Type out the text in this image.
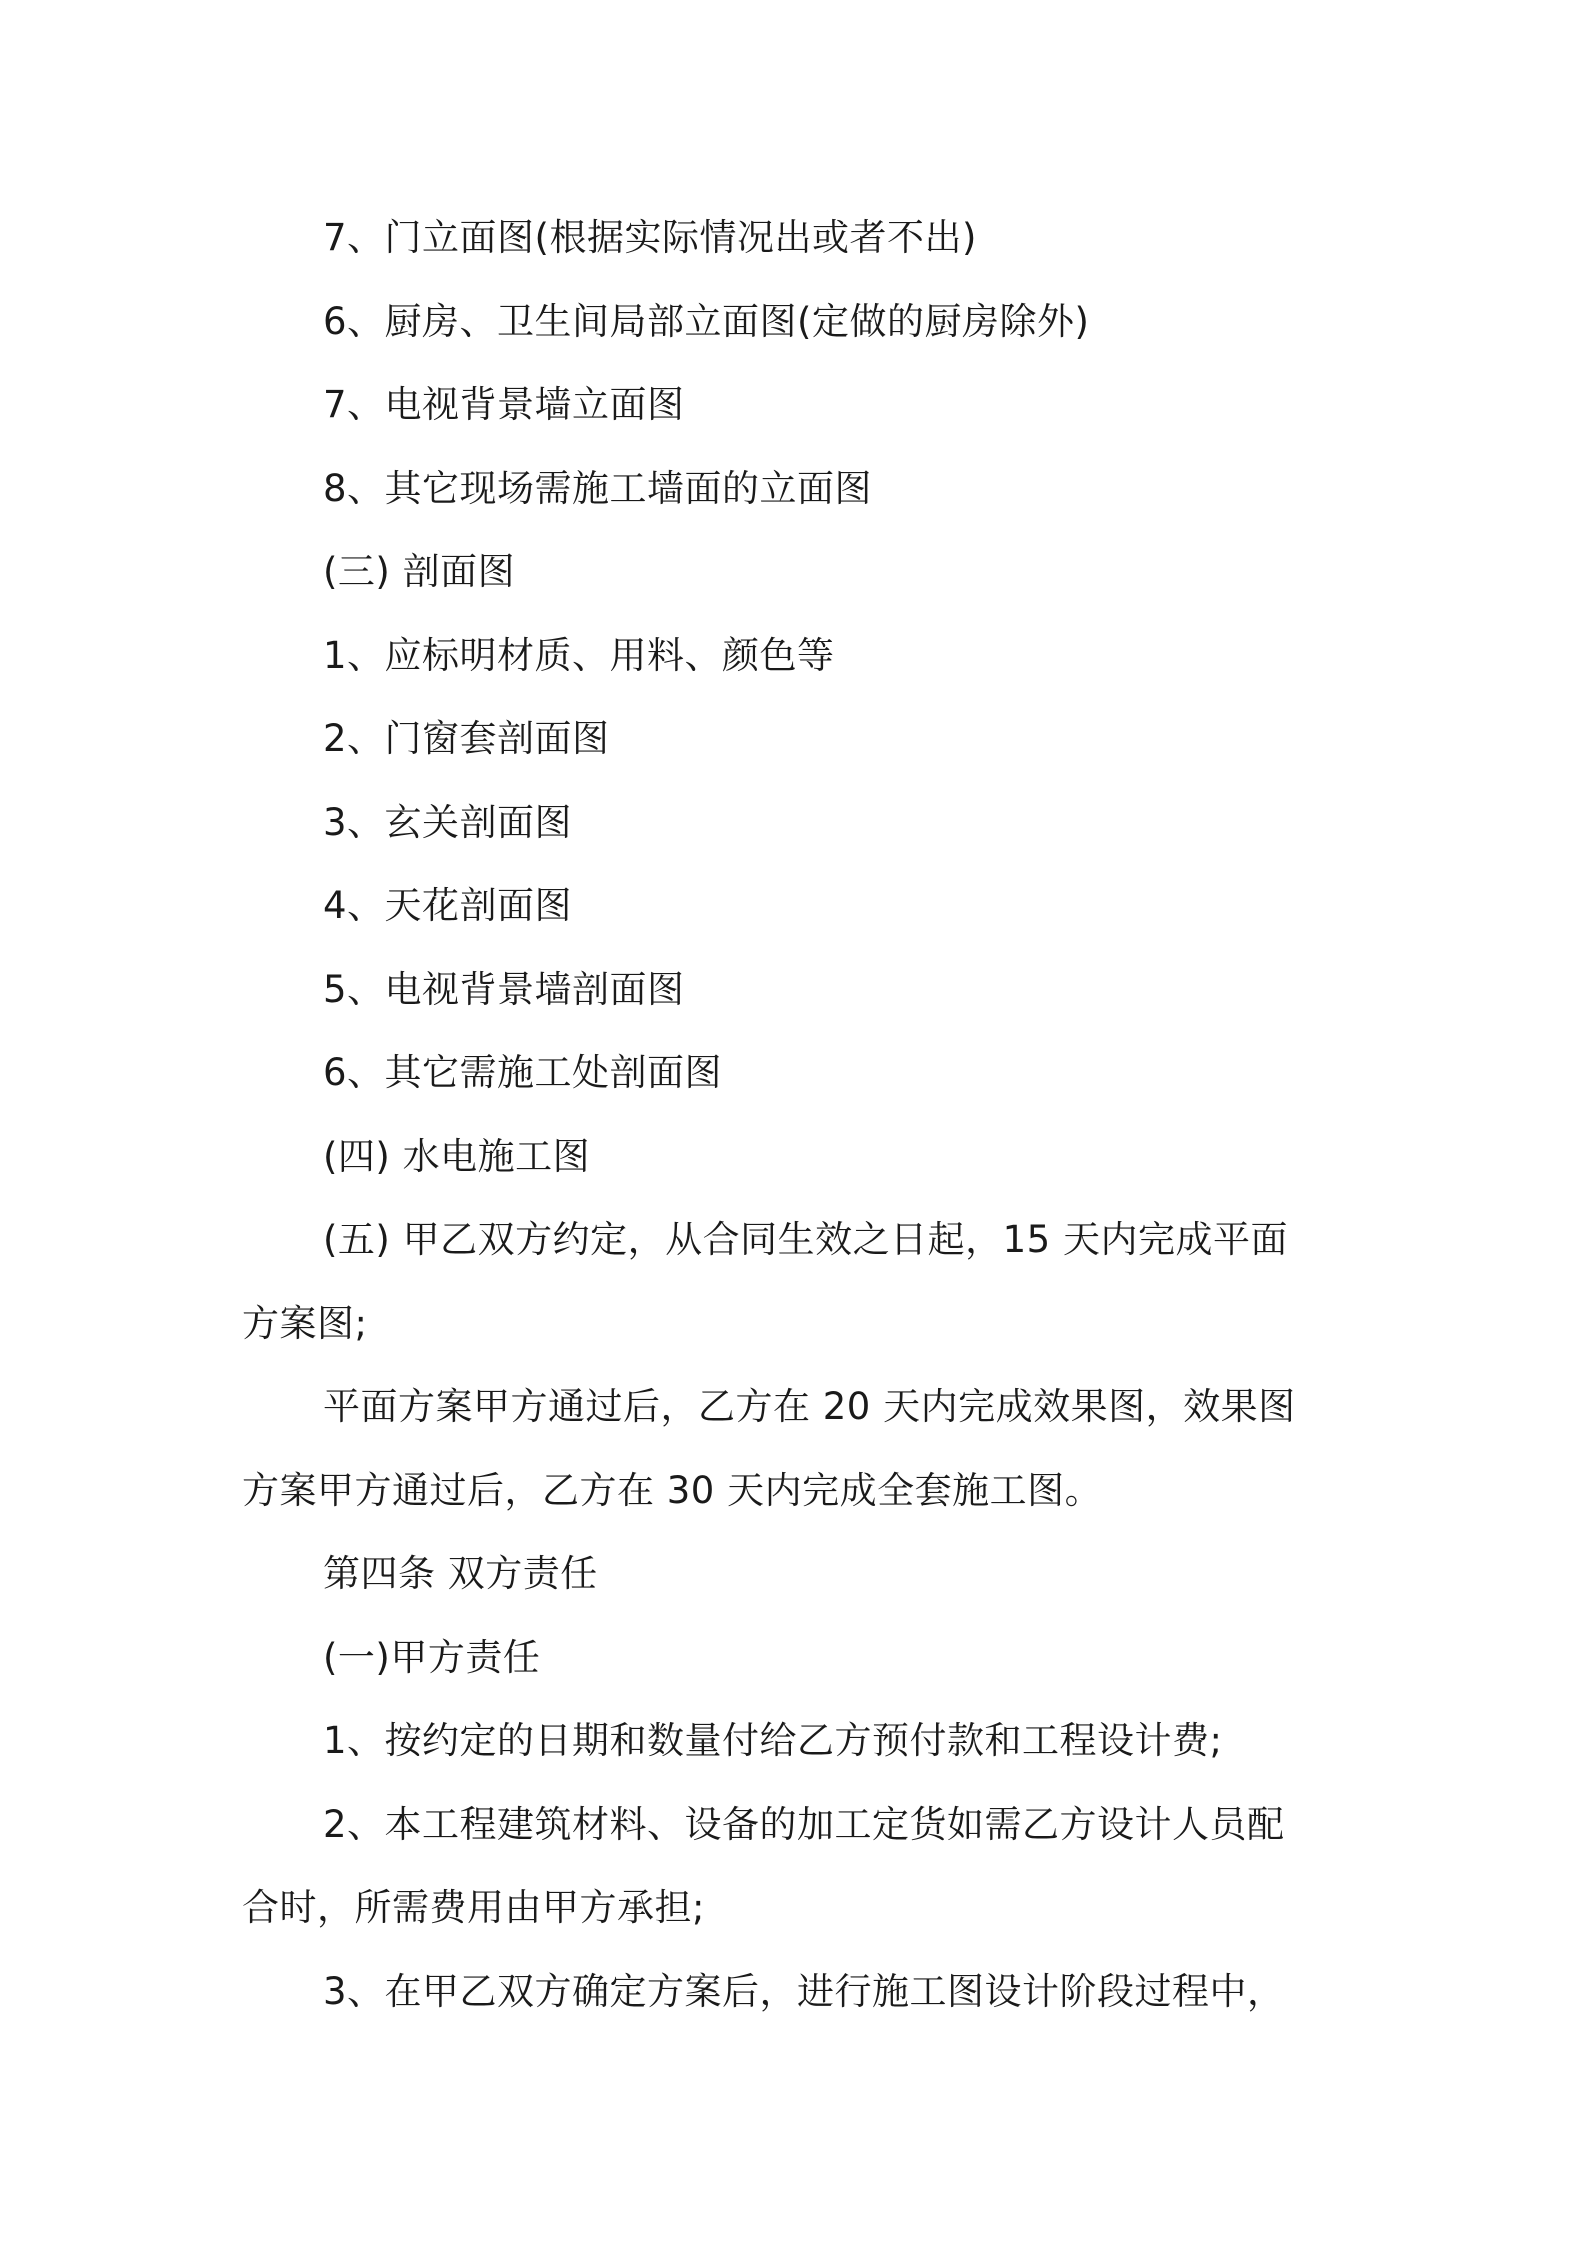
7、门立面图(根据实际情况出或者不出)
6、厨房、卫生间局部立面图(定做的厨房除外)
7、电视背景墙立面图
8、其它现场需施工墙面的立面图
(三) 剖面图
1、应标明材质、用料、颜色等
2、门窗套剖面图
3、玄关剖面图
4、天花剖面图
5、电视背景墙剖面图
6、其它需施工处剖面图
(四) 水电施工图
(五) 甲乙双方约定，从合同生效之日起，15 天内完成平面
方案图;
平面方案甲方通过后，乙方在 20 天内完成效果图，效果图
方案甲方通过后，乙方在 30 天内完成全套施工图。
第四条 双方责任
(一)甲方责任
1、按约定的日期和数量付给乙方预付款和工程设计费;
2、本工程建筑材料、设备的加工定货如需乙方设计人员配
合时，所需费用由甲方承担;
3、在甲乙双方确定方案后，进行施工图设计阶段过程中，
